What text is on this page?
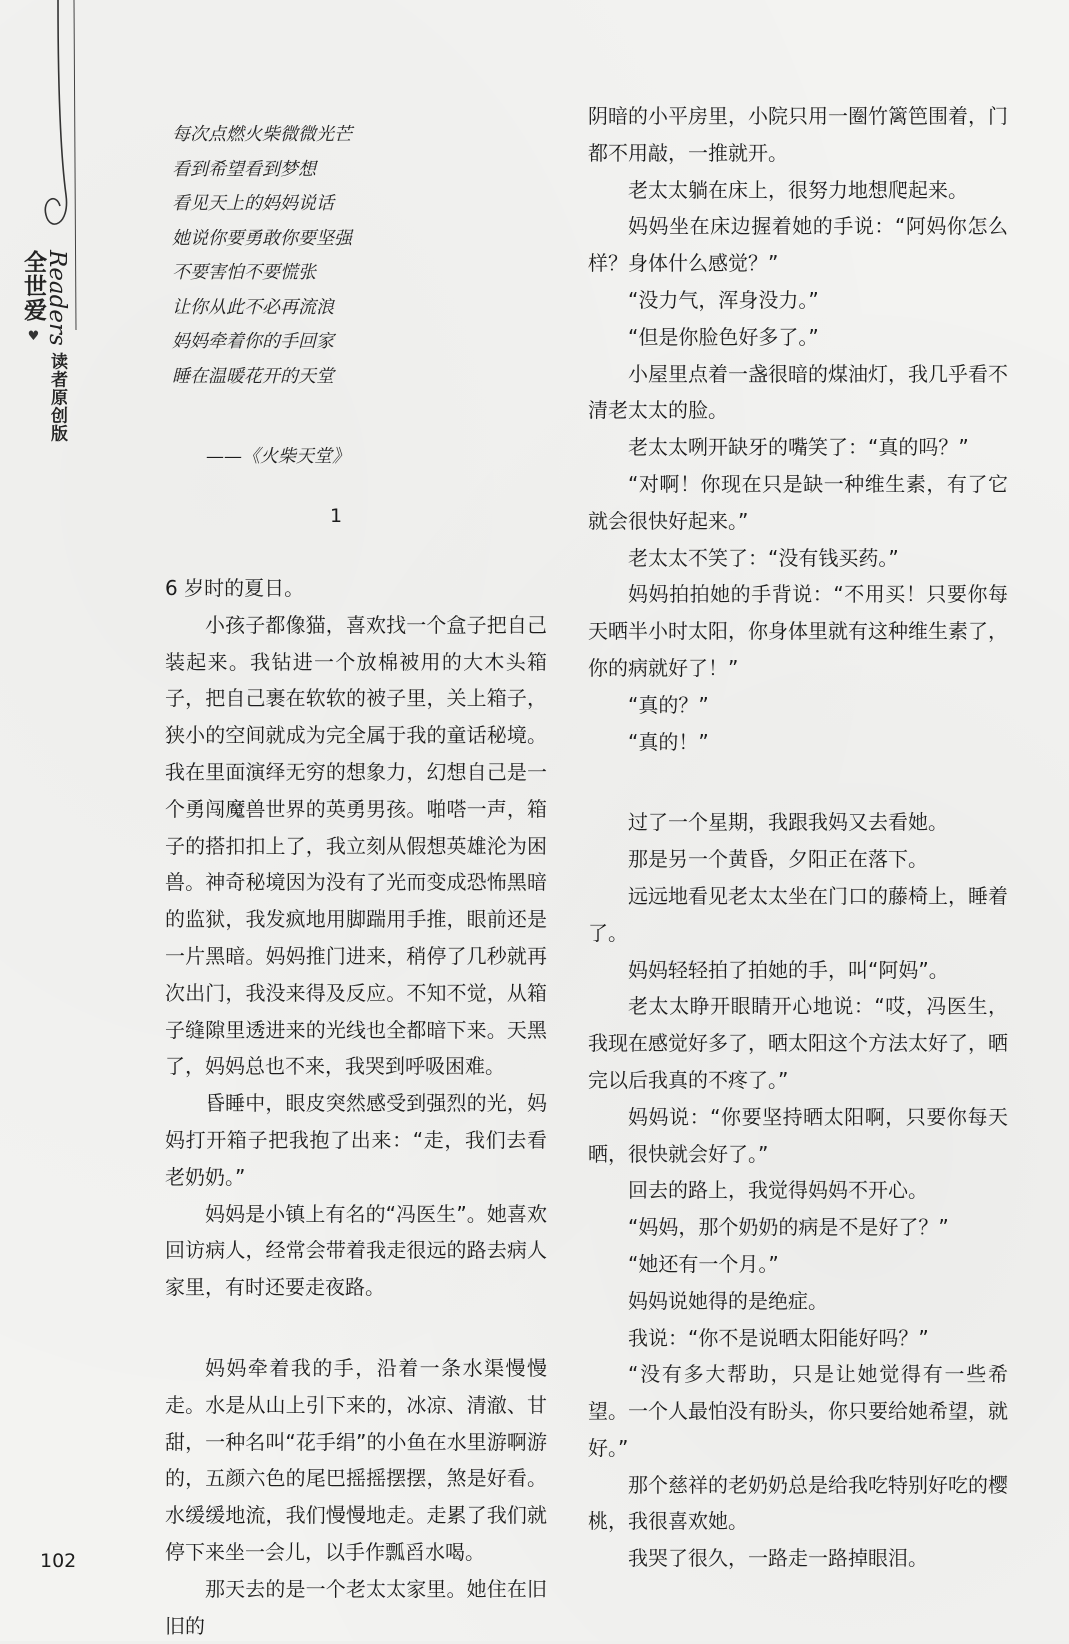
Readers 读者原创版 全世爱 ♥
每次点燃火柴微微光芒
看到希望看到梦想
看见天上的妈妈说话
她说你要勇敢你要坚强
不要害怕不要慌张
让你从此不必再流浪
妈妈牵着你的手回家
睡在温暖花开的天堂
——《火柴天堂》
1

6 岁时的夏日。

小孩子都像猫，喜欢找一个盒子把自己装起来。我钻进一个放棉被用的大木头箱子，把自己裹在软软的被子里，关上箱子，狭小的空间就成为完全属于我的童话秘境。我在里面演绎无穷的想象力，幻想自己是一个勇闯魔兽世界的英勇男孩。啪嗒一声，箱子的搭扣扣上了，我立刻从假想英雄沦为困兽。神奇秘境因为没有了光而变成恐怖黑暗的监狱，我发疯地用脚踹用手推，眼前还是一片黑暗。妈妈推门进来，稍停了几秒就再次出门，我没来得及反应。不知不觉，从箱子缝隙里透进来的光线也全都暗下来。天黑了，妈妈总也不来，我哭到呼吸困难。

昏睡中，眼皮突然感受到强烈的光，妈妈打开箱子把我抱了出来：“走，我们去看老奶奶。”

妈妈是小镇上有名的“冯医生”。她喜欢回访病人，经常会带着我走很远的路去病人家里，有时还要走夜路。

妈妈牵着我的手，沿着一条水渠慢慢走。水是从山上引下来的，冰凉、清澈、甘甜，一种名叫“花手绢”的小鱼在水里游啊游的，五颜六色的尾巴摇摇摆摆，煞是好看。水缓缓地流，我们慢慢地走。走累了我们就停下来坐一会儿，以手作瓢舀水喝。

那天去的是一个老太太家里。她住在旧旧的

阴暗的小平房里，小院只用一圈竹篱笆围着，门都不用敲，一推就开。

老太太躺在床上，很努力地想爬起来。

妈妈坐在床边握着她的手说：“阿妈你怎么样？身体什么感觉？”

“没力气，浑身没力。”

“但是你脸色好多了。”

小屋里点着一盏很暗的煤油灯，我几乎看不清老太太的脸。

老太太咧开缺牙的嘴笑了：“真的吗？”

“对啊！你现在只是缺一种维生素，有了它就会很快好起来。”

老太太不笑了：“没有钱买药。”

妈妈拍拍她的手背说：“不用买！只要你每天晒半小时太阳，你身体里就有这种维生素了，你的病就好了！”

“真的？”

“真的！”

过了一个星期，我跟我妈又去看她。

那是另一个黄昏，夕阳正在落下。

远远地看见老太太坐在门口的藤椅上，睡着了。

妈妈轻轻拍了拍她的手，叫“阿妈”。

老太太睁开眼睛开心地说：“哎，冯医生，我现在感觉好多了，晒太阳这个方法太好了，晒完以后我真的不疼了。”

妈妈说：“你要坚持晒太阳啊，只要你每天晒，很快就会好了。”

回去的路上，我觉得妈妈不开心。

“妈妈，那个奶奶的病是不是好了？”

“她还有一个月。”

妈妈说她得的是绝症。

我说：“你不是说晒太阳能好吗？”

“没有多大帮助，只是让她觉得有一些希望。一个人最怕没有盼头，你只要给她希望，就好。”

那个慈祥的老奶奶总是给我吃特别好吃的樱桃，我很喜欢她。

我哭了很久，一路走一路掉眼泪。

102
